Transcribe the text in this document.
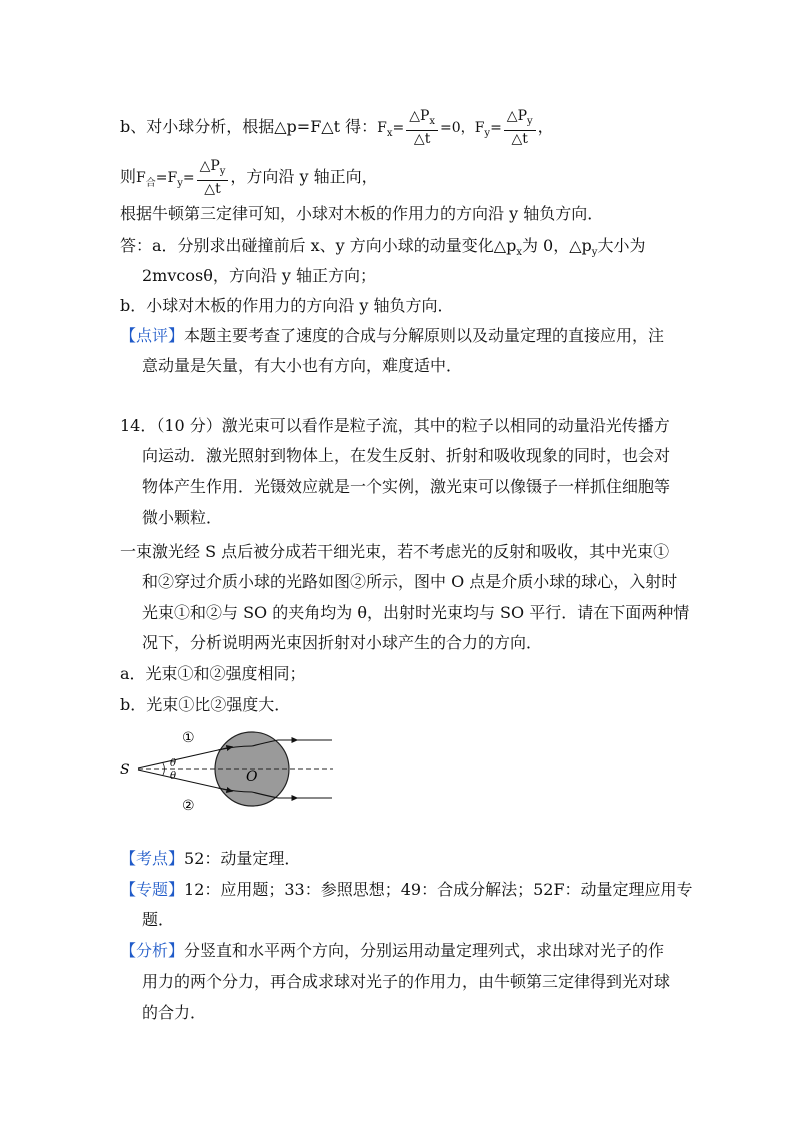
b、对小球分析，根据△p=F△t 得：$F_x= \frac{\triangle P_x}{\triangle t} =0$，$F_y= \frac{\triangle P_y}{\triangle t}$ ，
则$F_合=F_y= \frac{\triangle P_y}{\triangle t}$ ，方向沿 y 轴正向，
根据牛顿第三定律可知，小球对木板的作用力的方向沿 y 轴负方向．
答：a．分别求出碰撞前后 x、y 方向小球的动量变化$\triangle p_x$为 0，$\triangle p_y$大小为
2mvcosθ，方向沿 y 轴正方向；
b．小球对木板的作用力的方向沿 y 轴负方向．
【点评】本题主要考查了速度的合成与分解原则以及动量定理的直接应用，注
意动量是矢量，有大小也有方向，难度适中．
14．（10 分）激光束可以看作是粒子流，其中的粒子以相同的动量沿光传播方
向运动．激光照射到物体上，在发生反射、折射和吸收现象的同时，也会对
物体产生作用．光镊效应就是一个实例，激光束可以像镊子一样抓住细胞等
微小颗粒．
一束激光经 S 点后被分成若干细光束，若不考虑光的反射和吸收，其中光束①
和②穿过介质小球的光路如图②所示，图中 O 点是介质小球的球心，入射时
光束①和②与 SO 的夹角均为 θ，出射时光束均与 SO 平行．请在下面两种情
况下，分析说明两光束因折射对小球产生的合力的方向．
a．光束①和②强度相同；
b．光束①比②强度大．
S	O
①
②
θ
θ
【考点】52：动量定理．
【专题】12：应用题；33：参照思想；49：合成分解法；52F：动量定理应用专
题．
【分析】分竖直和水平两个方向，分别运用动量定理列式，求出球对光子的作
用力的两个分力，再合成求球对光子的作用力，由牛顿第三定律得到光对球
的合力．
